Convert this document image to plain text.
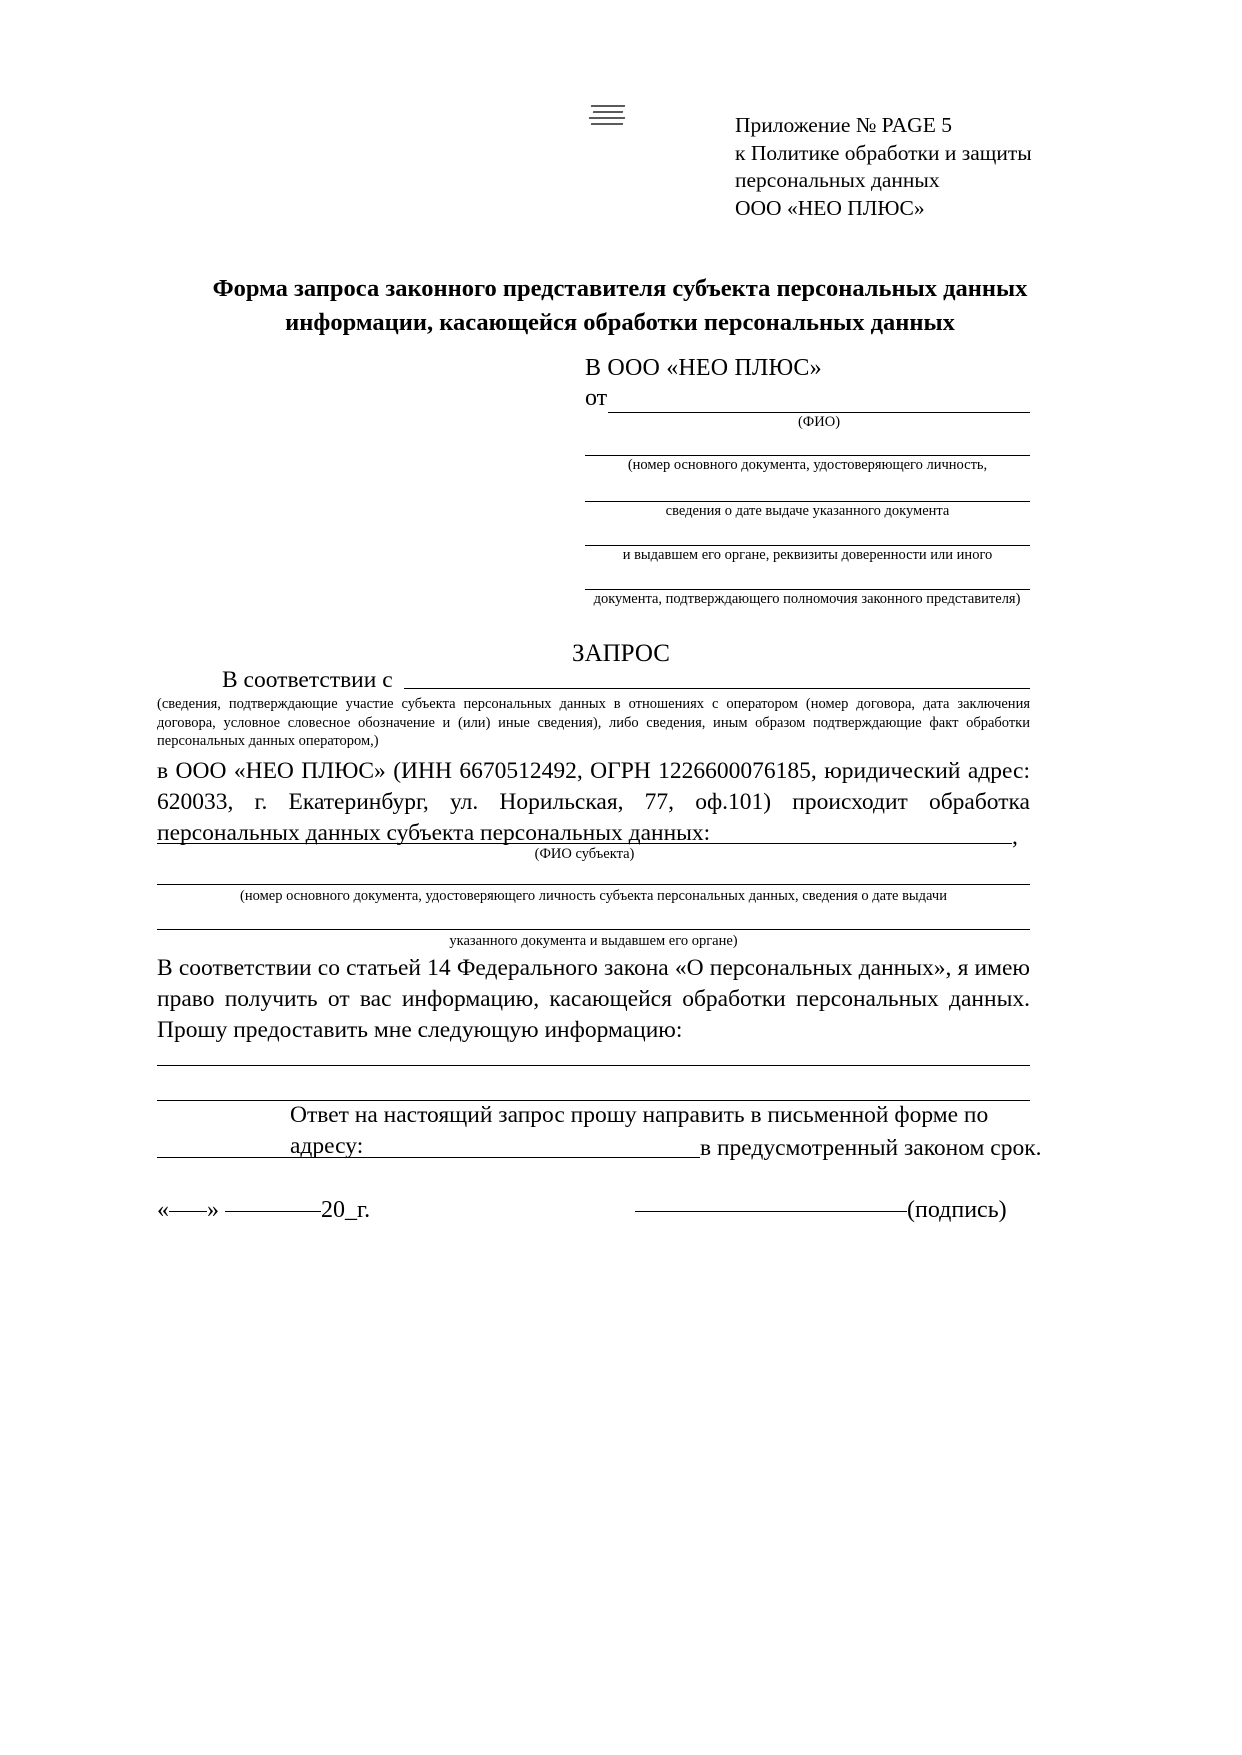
Приложение № PAGE 5
к Политике обработки и защиты
персональных данных
ООО «НЕО ПЛЮС»
Форма запроса законного представителя субъекта персональных данных
информации, касающейся обработки персональных данных
В ООО «НЕО ПЛЮС»
от
(ФИО)
(номер основного документа, удостоверяющего личность,
сведения о дате выдаче указанного документа
и выдавшем его органе, реквизиты доверенности или иного
документа, подтверждающего полномочия законного представителя)
ЗАПРОС
В соответствии с
(сведения, подтверждающие участие субъекта персональных данных в отношениях с оператором (номер договора, дата заключения договора, условное словесное обозначение и (или) иные сведения), либо сведения, иным образом подтверждающие факт обработки персональных данных оператором,)
в ООО «НЕО ПЛЮС» (ИНН 6670512492, ОГРН 1226600076185, юридический адрес: 620033, г. Екатеринбург, ул. Норильская, 77, оф.101) происходит обработка персональных данных субъекта персональных данных:	,
(ФИО субъекта)
(номер основного документа, удостоверяющего личность субъекта персональных данных, сведения о дате выдачи
указанного документа и выдавшем его органе)
В соответствии со статьей 14 Федерального закона «О персональных данных», я имею право получить от вас информацию, касающейся обработки персональных данных. Прошу предоставить мне следующую информацию:
Ответ на настоящий запрос прошу направить в письменной форме по адресу:	в предусмотренный законом срок.
« »	20_г.	(подпись)
